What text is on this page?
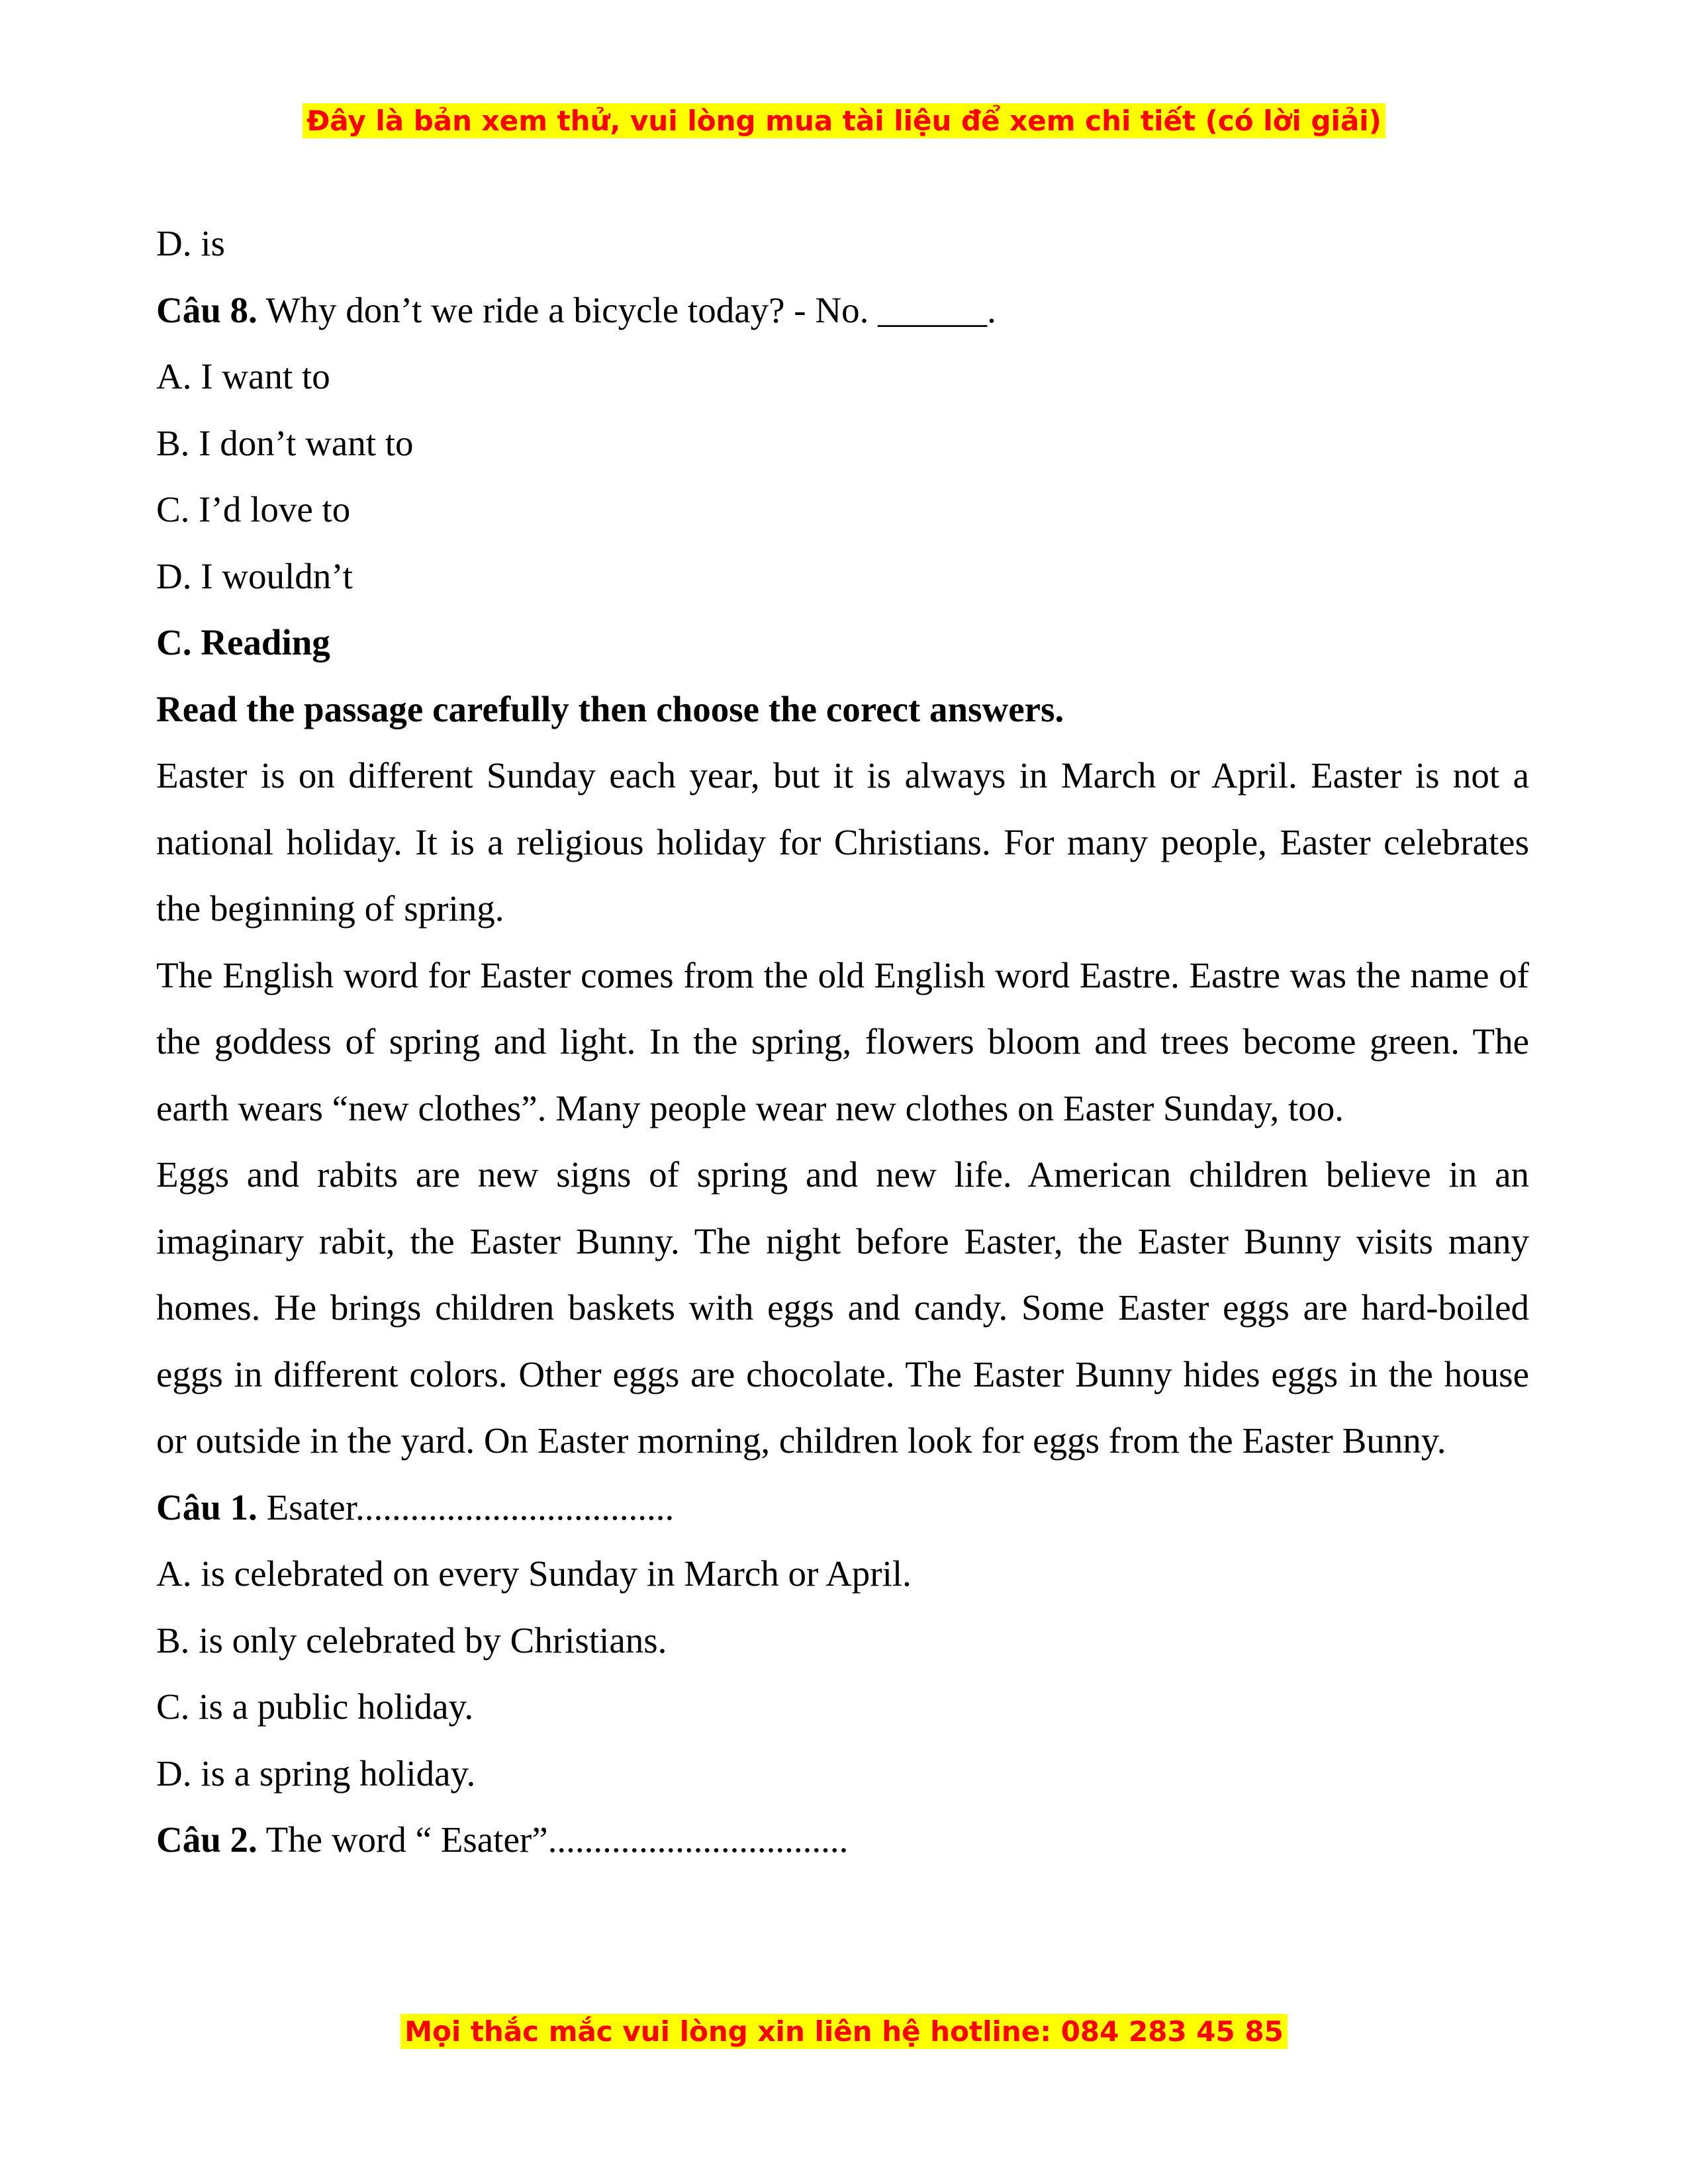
Đây là bản xem thử, vui lòng mua tài liệu để xem chi tiết (có lời giải)
D. is
Câu 8. Why don’t we ride a bicycle today? - No. ______.
A. I want to
B. I don’t want to
C. I’d love to
D. I wouldn’t
C. Reading
Read the passage carefully then choose the corect answers.
Easter is on different Sunday each year, but it is always in March or April. Easter is not a national holiday. It is a religious holiday for Christians. For many people, Easter celebrates the beginning of spring.
The English word for Easter comes from the old English word Eastre. Eastre was the name of the goddess of spring and light. In the spring, flowers bloom and trees become green. The earth wears “new clothes”. Many people wear new clothes on Easter Sunday, too.
Eggs and rabits are new signs of spring and new life. American children believe in an imaginary rabit, the Easter Bunny. The night before Easter, the Easter Bunny visits many homes. He brings children baskets with eggs and candy. Some Easter eggs are hard-boiled eggs in different colors. Other eggs are chocolate. The Easter Bunny hides eggs in the house or outside in the yard. On Easter morning, children look for eggs from the Easter Bunny.
Câu 1. Esater...................................
A. is celebrated on every Sunday in March or April.
B. is only celebrated by Christians.
C. is a public holiday.
D. is a spring holiday.
Câu 2. The word “ Esater”.................................
Mọi thắc mắc vui lòng xin liên hệ hotline: 084 283 45 85
